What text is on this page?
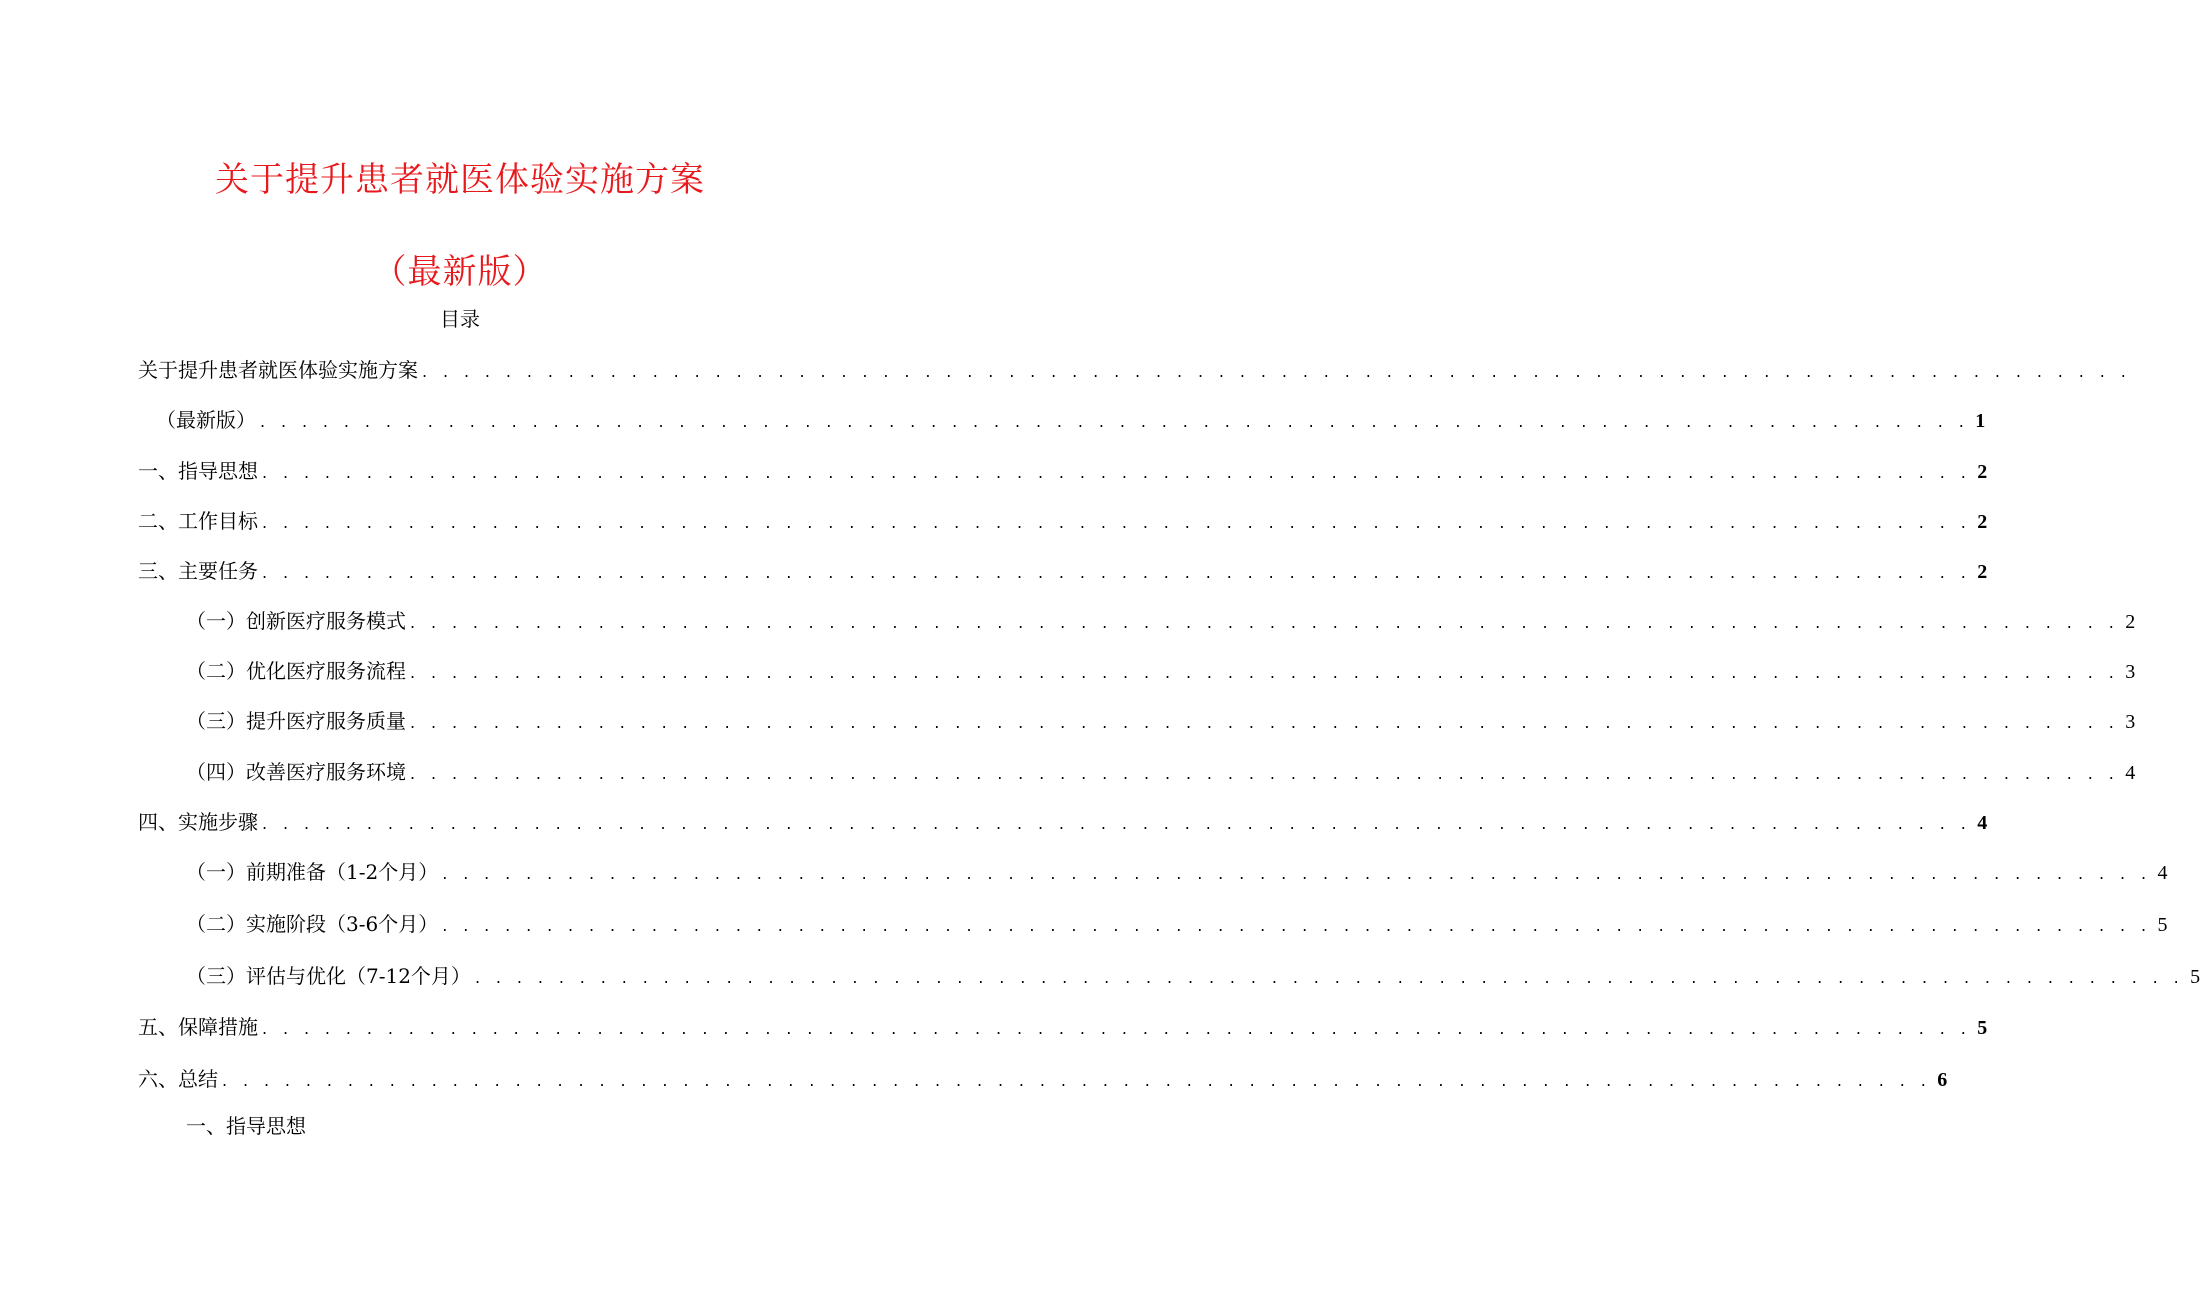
关于提升患者就医体验实施方案
（最新版）
目录
关于提升患者就医体验实施方案 . . . . . . . . . . . . . . . . . . . . . . . . . . . . . . . . . . . . . . . . . . . . . . . . . . . . . . . . . . . . . . . . . . . . . . . . . . . . . . . . . .
（最新版） . . . . . . . . . . . . . . . . . . . . . . . . . . . . . . . . . . . . . . . . . . . . . . . . . . . . . . . . . . . . . . . . . . . . . . . . . . . . . . . . . . 1
一、指导思想 . . . . . . . . . . . . . . . . . . . . . . . . . . . . . . . . . . . . . . . . . . . . . . . . . . . . . . . . . . . . . . . . . . . . . . . . . . . . . . . . . . 2
二、工作目标 . . . . . . . . . . . . . . . . . . . . . . . . . . . . . . . . . . . . . . . . . . . . . . . . . . . . . . . . . . . . . . . . . . . . . . . . . . . . . . . . . . 2
三、主要任务 . . . . . . . . . . . . . . . . . . . . . . . . . . . . . . . . . . . . . . . . . . . . . . . . . . . . . . . . . . . . . . . . . . . . . . . . . . . . . . . . . . 2
（一）创新医疗服务模式 . . . . . . . . . . . . . . . . . . . . . . . . . . . . . . . . . . . . . . . . . . . . . . . . . . . . . . . . . . . . . . . . . . . . . . . . . . . . . . . . . . 2
（二）优化医疗服务流程 . . . . . . . . . . . . . . . . . . . . . . . . . . . . . . . . . . . . . . . . . . . . . . . . . . . . . . . . . . . . . . . . . . . . . . . . . . . . . . . . . . 3
（三）提升医疗服务质量 . . . . . . . . . . . . . . . . . . . . . . . . . . . . . . . . . . . . . . . . . . . . . . . . . . . . . . . . . . . . . . . . . . . . . . . . . . . . . . . . . . 3
（四）改善医疗服务环境 . . . . . . . . . . . . . . . . . . . . . . . . . . . . . . . . . . . . . . . . . . . . . . . . . . . . . . . . . . . . . . . . . . . . . . . . . . . . . . . . . . 4
四、实施步骤 . . . . . . . . . . . . . . . . . . . . . . . . . . . . . . . . . . . . . . . . . . . . . . . . . . . . . . . . . . . . . . . . . . . . . . . . . . . . . . . . . . 4
（一）前期准备（1-2个月） . . . . . . . . . . . . . . . . . . . . . . . . . . . . . . . . . . . . . . . . . . . . . . . . . . . . . . . . . . . . . . . . . . . . . . . . . . . . . . . . . . 4
（二）实施阶段（3-6个月） . . . . . . . . . . . . . . . . . . . . . . . . . . . . . . . . . . . . . . . . . . . . . . . . . . . . . . . . . . . . . . . . . . . . . . . . . . . . . . . . . . 5
（三）评估与优化（7-12个月） . . . . . . . . . . . . . . . . . . . . . . . . . . . . . . . . . . . . . . . . . . . . . . . . . . . . . . . . . . . . . . . . . . . . . . . . . . . . . . . . . . 5
五、保障措施 . . . . . . . . . . . . . . . . . . . . . . . . . . . . . . . . . . . . . . . . . . . . . . . . . . . . . . . . . . . . . . . . . . . . . . . . . . . . . . . . . . 5
六、总结 . . . . . . . . . . . . . . . . . . . . . . . . . . . . . . . . . . . . . . . . . . . . . . . . . . . . . . . . . . . . . . . . . . . . . . . . . . . . . . . . . . 6
一、指导思想
